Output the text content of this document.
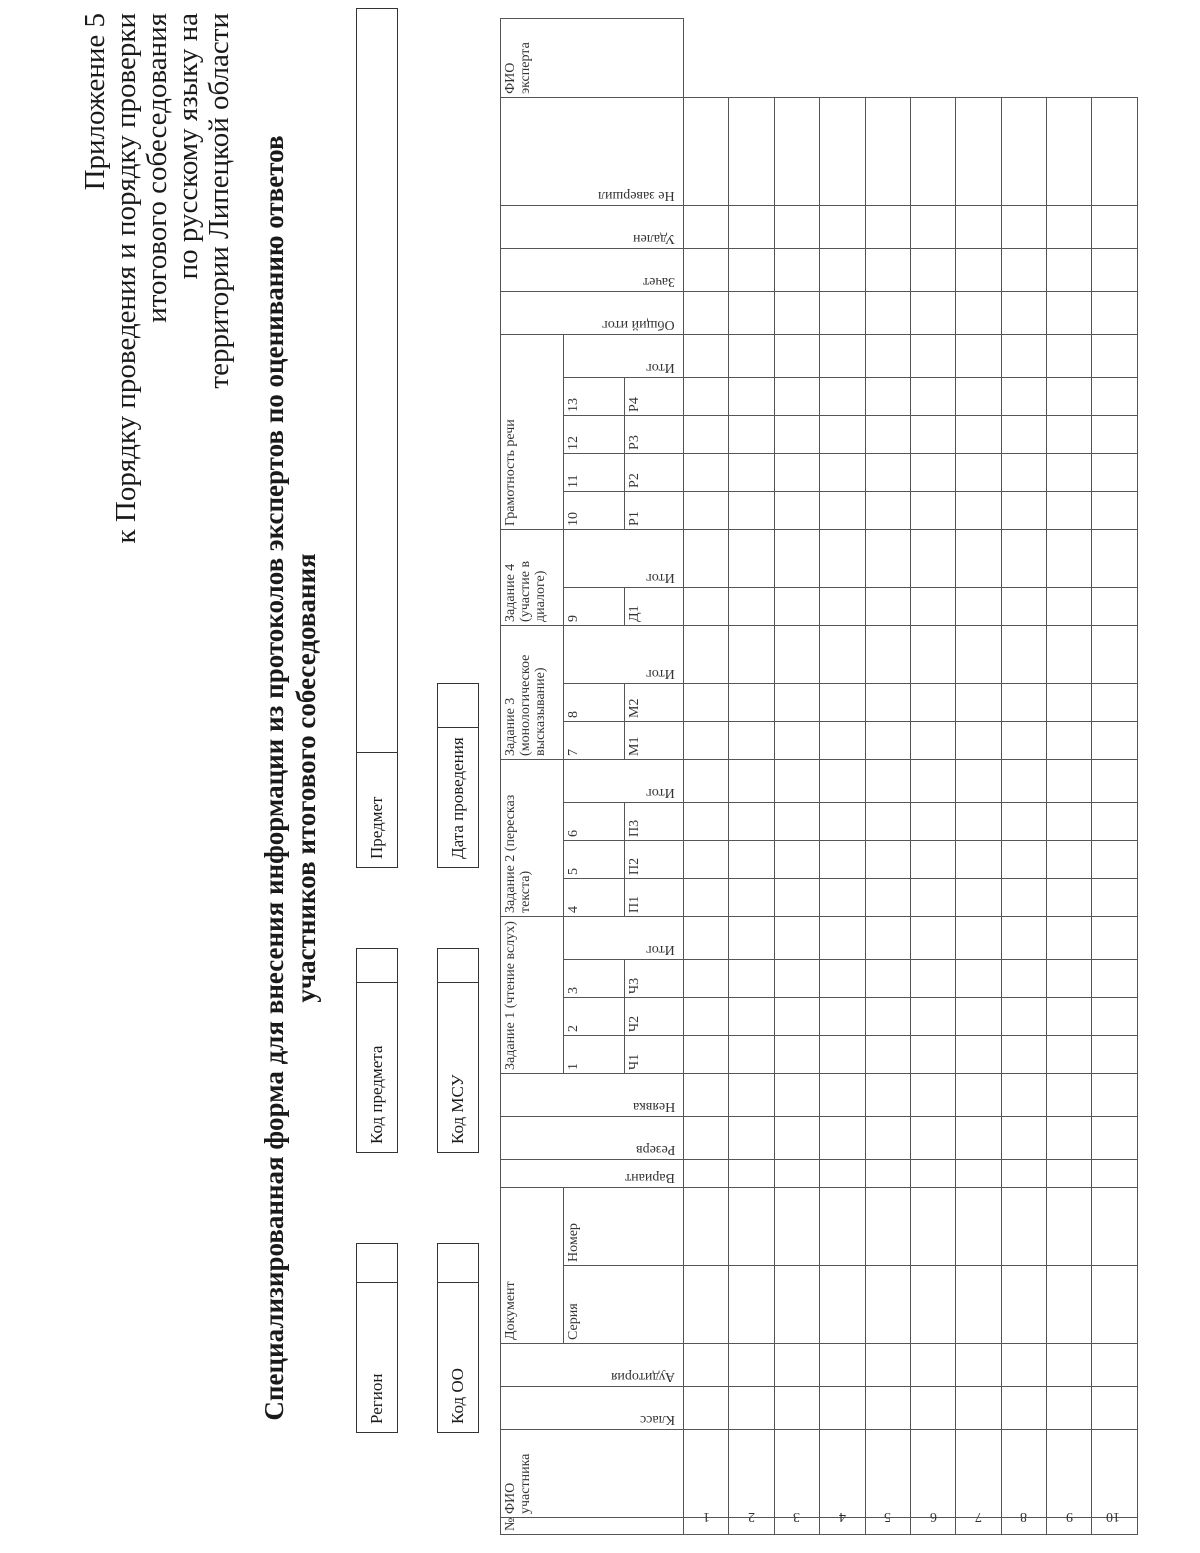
Приложение 5 к Порядку проведения и порядку проверки итогового собеседования по русскому языку на территории Липецкой области Специализированная форма для внесения информации из протоколов экспертов по оцениванию ответов участников итогового собеседования
Регион
Код предмета
Предмет
Код ОО
Код МСУ
Дата проведения
№	ФИО участника	Класс	Аудитория	Документ		Вариант	Резерв	Неявка	Задание 1 (чтение вслух)				Задание 2 (пересказ текста)				Задание 3 (монологическое высказывание)			Задание 4 (участие в диалоге)		Грамотность речи					Общий итог	Зачет	Удален	Не завершил	ФИО эксперта
				Серия	Номер				1	2	3	Итог	4	5	6	Итог	7	8	Итог	9	Итог	10	11	12	13	Итог					
									Ч1	Ч2	Ч3		П1	П2	П3		М1	М2		Д1		Р1	Р2	Р3	Р4						
1																															
2																															
3																															
4																															
5																															
6																															
7																															
8																															
9																															
10																															
